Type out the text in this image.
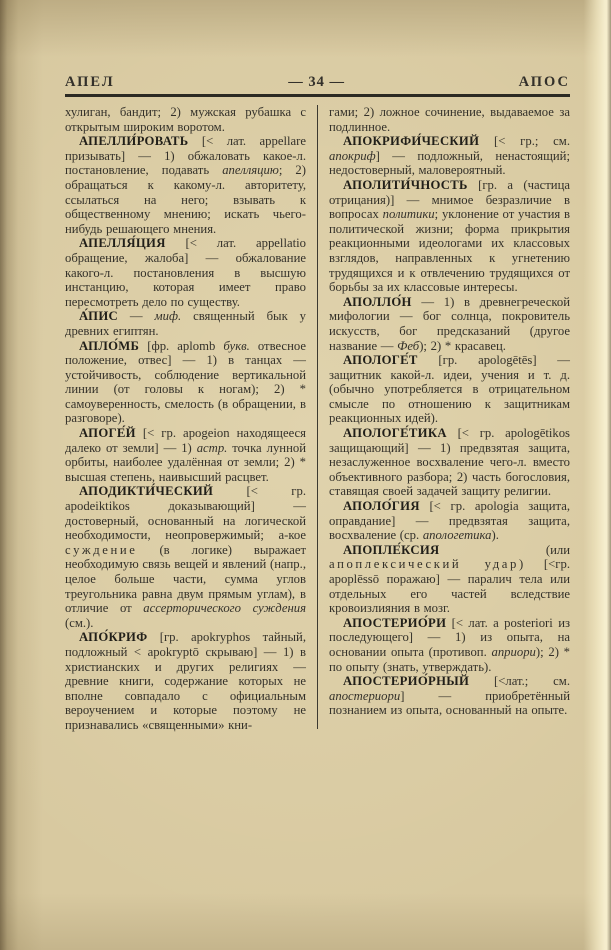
АПЕЛ	— 34 —	АПОС

хулиган, бандит; 2) мужская рубашка с открытым широким воротом.

АПЕЛЛИ́РОВАТЬ [< лат. appellare призывать] — 1) обжаловать какое-л. постановление, подавать апелляцию; 2) обращаться к какому-л. авторитету, ссылаться на него; взывать к общественному мнению; искать чьего-нибудь решающего мнения.

АПЕЛЛЯ́ЦИЯ [< лат. appellatio обращение, жалоба] — обжалование какого-л. постановления в высшую инстанцию, которая имеет право пересмотреть дело по существу.

А́ПИС — миф. священный бык у древних египтян.

АПЛО́МБ [фр. aplomb букв. отвесное положение, отвес] — 1) в танцах — устойчивость, соблюдение вертикальной линии (от головы к ногам); 2) * самоуверенность, смелость (в обращении, в разговоре).

АПОГЕ́Й [< гр. apogeion находящееся далеко от земли] — 1) астр. точка лунной орбиты, наиболее удалённая от земли; 2) * высшая степень, наивысший расцвет.

АПОДИКТИ́ЧЕСКИЙ [< гр. apodeiktikos доказывающий] — достоверный, основанный на логической необходимости, неопровержимый; а-кое суждение (в логике) выражает необходимую связь вещей и явлений (напр., целое больше части, сумма углов треугольника равна двум прямым углам), в отличие от ассерторического суждения (см.).

АПО́КРИФ [гр. apokryphos тайный, подложный < apokryptō скрываю] — 1) в христианских и других религиях — древние книги, содержание которых не вполне совпадало с официальным вероучением и которые поэтому не признавались «священными» кни-

гами; 2) ложное сочинение, выдаваемое за подлинное.

АПОКРИФИ́ЧЕСКИЙ [< гр.; см. апокриф] — подложный, ненастоящий; недостоверный, маловероятный.

АПОЛИТИ́ЧНОСТЬ [гр. а (частица отрицания)] — мнимое безразличие в вопросах политики; уклонение от участия в политической жизни; форма прикрытия реакционными идеологами их классовых взглядов, направленных к угнетению трудящихся и к отвлечению трудящихся от борьбы за их классовые интересы.

АПОЛЛО́Н — 1) в древнегреческой мифологии — бог солнца, покровитель искусств, бог предсказаний (другое название — Феб); 2) * красавец.

АПОЛОГЕ́Т [гр. apologētēs] — защитник какой-л. идеи, учения и т. д. (обычно употребляется в отрицательном смысле по отношению к защитникам реакционных идей).

АПОЛОГЕ́ТИКА [< гр. apologētikos защищающий] — 1) предвзятая защита, незаслуженное восхваление чего-л. вместо объективного разбора; 2) часть богословия, ставящая своей задачей защиту религии.

АПОЛО́ГИЯ [< гр. apologia защита, оправдание] — предвзятая защита, восхваление (ср. апологетика).

АПОПЛЕ́КСИЯ (или апоплексический удар) [<гр. apoplēssō поражаю] — паралич тела или отдельных его частей вследствие кровоизлияния в мозг.

АПОСТЕРИО́РИ [< лат. a posteriori из последующего] — 1) из опыта, на основании опыта (противоп. априори); 2) * по опыту (знать, утверждать).

АПОСТЕРИО́РНЫЙ [<лат.; см. апостериори] — приобретённый познанием из опыта, основанный на опыте.
